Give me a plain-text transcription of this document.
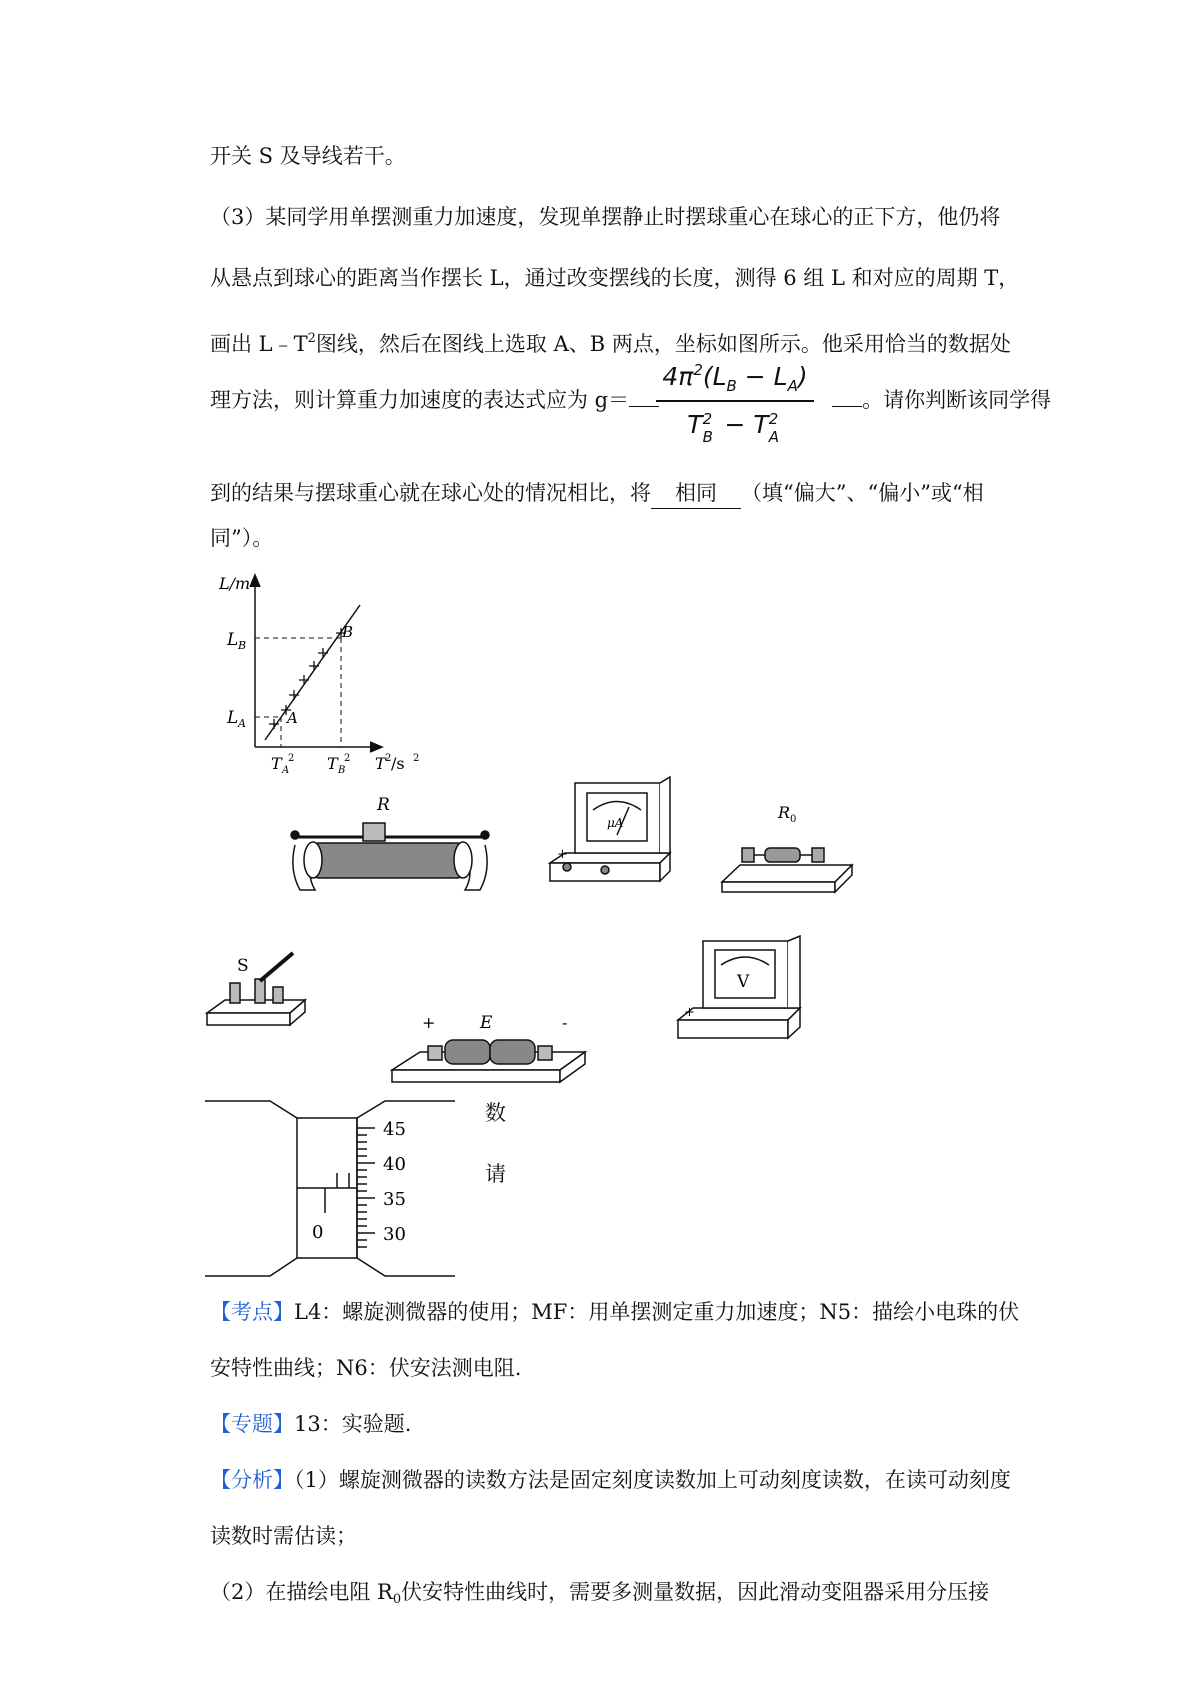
开关 S 及导线若干。
（3）某同学用单摆测重力加速度，发现单摆静止时摆球重心在球心的正下方，他仍将
从悬点到球心的距离当作摆长 L，通过改变摆线的长度，测得 6 组 L 和对应的周期 T，
画出 $L﹣T^2$图线，然后在图线上选取 A、B 两点，坐标如图所示。他采用恰当的数据处
理方法，则计算重力加速度的表达式应为 g＝	。请你判断该同学得
$4\pi^2(L_B - L_A)$
T 2
B − T 2
A
到的结果与摆球重心就在球心处的情况相比，将 相同 （填“偏大”、“偏小”或“相
同”）。
L/m
L B
L A	A
B
T A
2 T B
2 T 2 /s 2
R
μA
+
R 0
S
V
+
+	E	-
45
40
35
30
0
数
请
【考点】L4：螺旋测微器的使用；MF：用单摆测定重力加速度；N5：描绘小电珠的伏
安特性曲线；N6：伏安法测电阻.
【专题】13：实验题.
【分析】（1）螺旋测微器的读数方法是固定刻度读数加上可动刻度读数，在读可动刻度
读数时需估读；
（2）在描绘电阻 $R_0$伏安特性曲线时，需要多测量数据，因此滑动变阻器采用分压接
